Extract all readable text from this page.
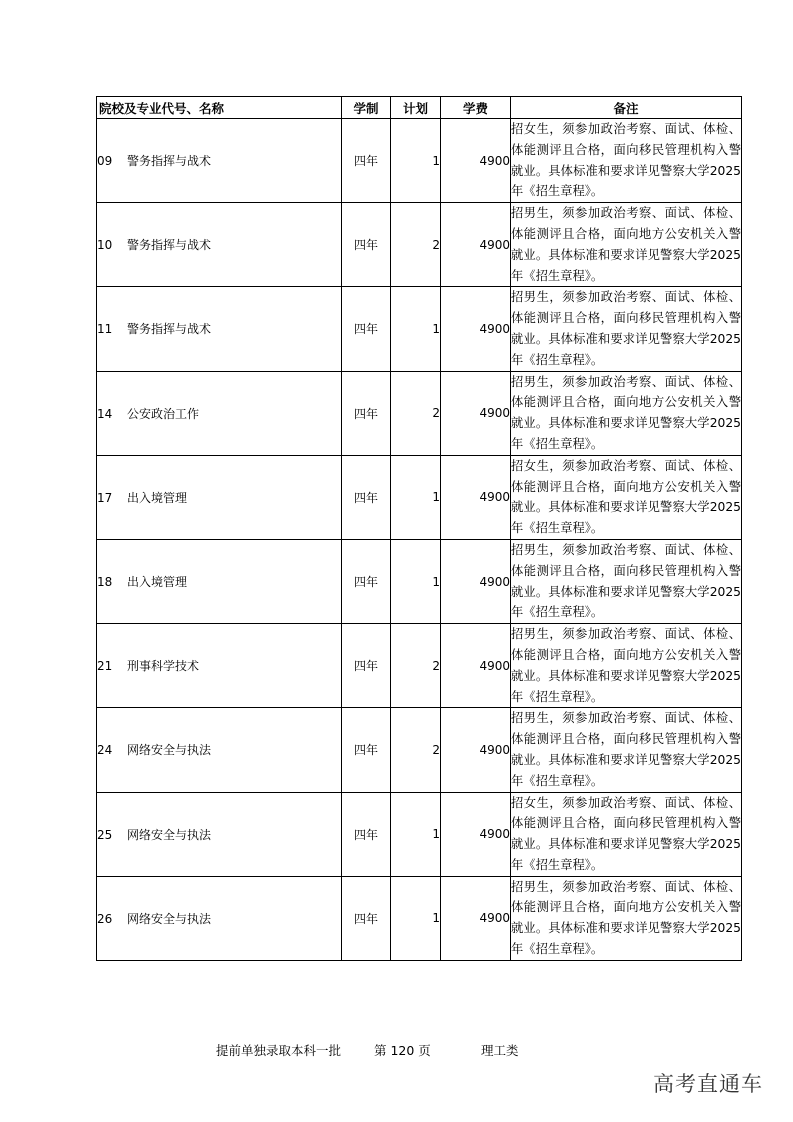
院校及专业代号、名称	学制	计划	学费	备注
09 警务指挥与战术	四年	1	4900	招女生，须参加政治考察、面试、体检、体能测评且合格，面向移民管理机构入警就业。具体标准和要求详见警察大学2025年《招生章程》。
10 警务指挥与战术	四年	2	4900	招男生，须参加政治考察、面试、体检、体能测评且合格，面向地方公安机关入警就业。具体标准和要求详见警察大学2025年《招生章程》。
11 警务指挥与战术	四年	1	4900	招男生，须参加政治考察、面试、体检、体能测评且合格，面向移民管理机构入警就业。具体标准和要求详见警察大学2025年《招生章程》。
14 公安政治工作	四年	2	4900	招男生，须参加政治考察、面试、体检、体能测评且合格，面向地方公安机关入警就业。具体标准和要求详见警察大学2025年《招生章程》。
17 出入境管理	四年	1	4900	招女生，须参加政治考察、面试、体检、体能测评且合格，面向地方公安机关入警就业。具体标准和要求详见警察大学2025年《招生章程》。
18 出入境管理	四年	1	4900	招男生，须参加政治考察、面试、体检、体能测评且合格，面向移民管理机构入警就业。具体标准和要求详见警察大学2025年《招生章程》。
21 刑事科学技术	四年	2	4900	招男生，须参加政治考察、面试、体检、体能测评且合格，面向地方公安机关入警就业。具体标准和要求详见警察大学2025年《招生章程》。
24 网络安全与执法	四年	2	4900	招男生，须参加政治考察、面试、体检、体能测评且合格，面向移民管理机构入警就业。具体标准和要求详见警察大学2025年《招生章程》。
25 网络安全与执法	四年	1	4900	招女生，须参加政治考察、面试、体检、体能测评且合格，面向移民管理机构入警就业。具体标准和要求详见警察大学2025年《招生章程》。
26 网络安全与执法	四年	1	4900	招男生，须参加政治考察、面试、体检、体能测评且合格，面向地方公安机关入警就业。具体标准和要求详见警察大学2025年《招生章程》。
提前单独录取本科一批	第 120 页	理工类
高考直通车
